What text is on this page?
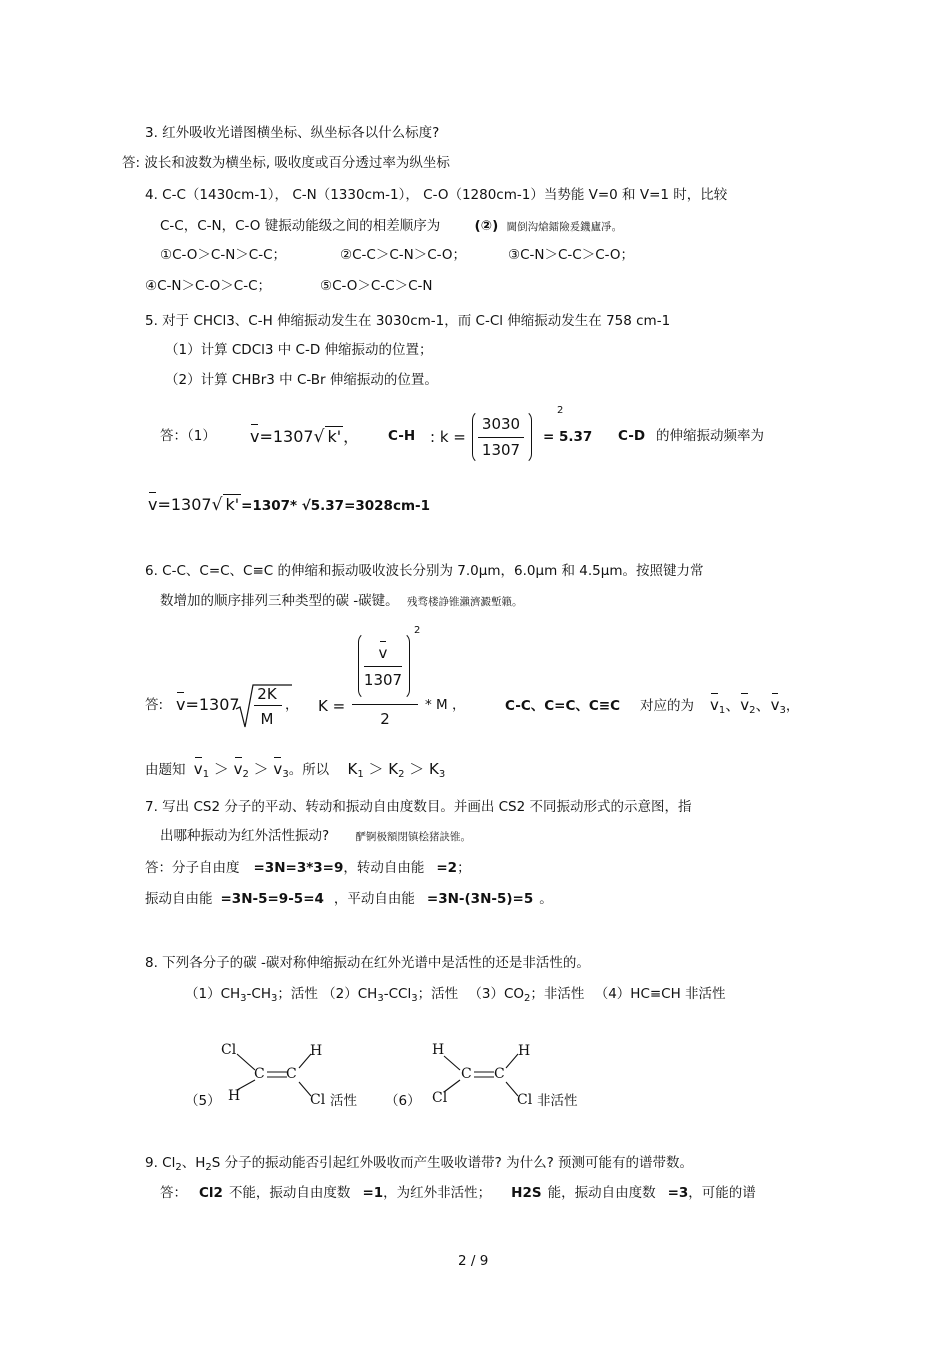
3. 红外吸收光谱图横坐标、纵坐标各以什么标度?
答: 波长和波数为横坐标, 吸收度或百分透过率为纵坐标
4. C-C（1430cm-1）， C-N（1330cm-1）， C-O（1280cm-1）当势能 V=0 和 V=1 时，比较
C-C，C-N，C-O 键振动能级之间的相差顺序为	(②) 閫倒沟熗鐳險爰鐖廬凈。
①C-O＞C-N＞C-C；	②C-C＞C-N＞C-O；	③C-N＞C-C＞C-O；
④C-N＞C-O＞C-C；	⑤C-O＞C-C＞C-N
5. 对于 CHCl3、C-H 伸缩振动发生在 3030cm-1，而 C-Cl 伸缩振动发生在 758 cm-1
（1）计算 CDCl3 中 C-D 伸缩振动的位置；
（2）计算 CHBr3 中 C-Br 伸缩振动的位置。
答：（1） v=1307√ k' ， C-H : k =
3030
1307
2
= 5.37 C-D 的伸缩振动频率为
v=1307√ k' =1307* √5.37=3028cm-1
6. C-C、C=C、C≡C 的伸缩和振动吸收波长分别为 7.0μm，6.0μm 和 4.5μm。按照键力常
数增加的顺序排列三种类型的碳 -碳键。 残骛楼諍锥瀨濟澱塹籟。
答: v=1307
2K
M
， K =
v
1307
2
2
* M ，	C-C、C=C、C≡C 对应的为 $v_1$、$v_2$、$v_3$，
由题知 $v_1 > v_2 > v_3$。所以 $K_1 > K_2 > K_3$
7. 写出 CS2 分子的平动、转动和振动自由度数目。并画出 CS2 不同振动形式的示意图，指
出哪种振动为红外活性振动?	酽锕极額閉镇桧猪訣锥。
答：分子自由度 =3N=3*3=9，转动自由能 =2；
振动自由能 =3N-5=9-5=4 ，平动自由能 =3N-(3N-5)=5 。
8. 下列各分子的碳 -碳对称伸缩振动在红外光谱中是活性的还是非活性的。
$(1)CH_3-CH_3$；活性 $(2)CH_3-CCl_3$；活性 $(3)CO_2$；非活性 （4）HC≡CH 非活性
（5）
Cl
H
C C
H
Cl 活性 （6）
H
Cl
C C
H
Cl 非活性
9. $Cl_2$、$H_2S$ 分子的振动能否引起红外吸收而产生吸收谱带? 为什么? 预测可能有的谱带数。
答： Cl2 不能，振动自由度数 =1，为红外非活性； H2S 能，振动自由度数 =3，可能的谱
2 / 9
